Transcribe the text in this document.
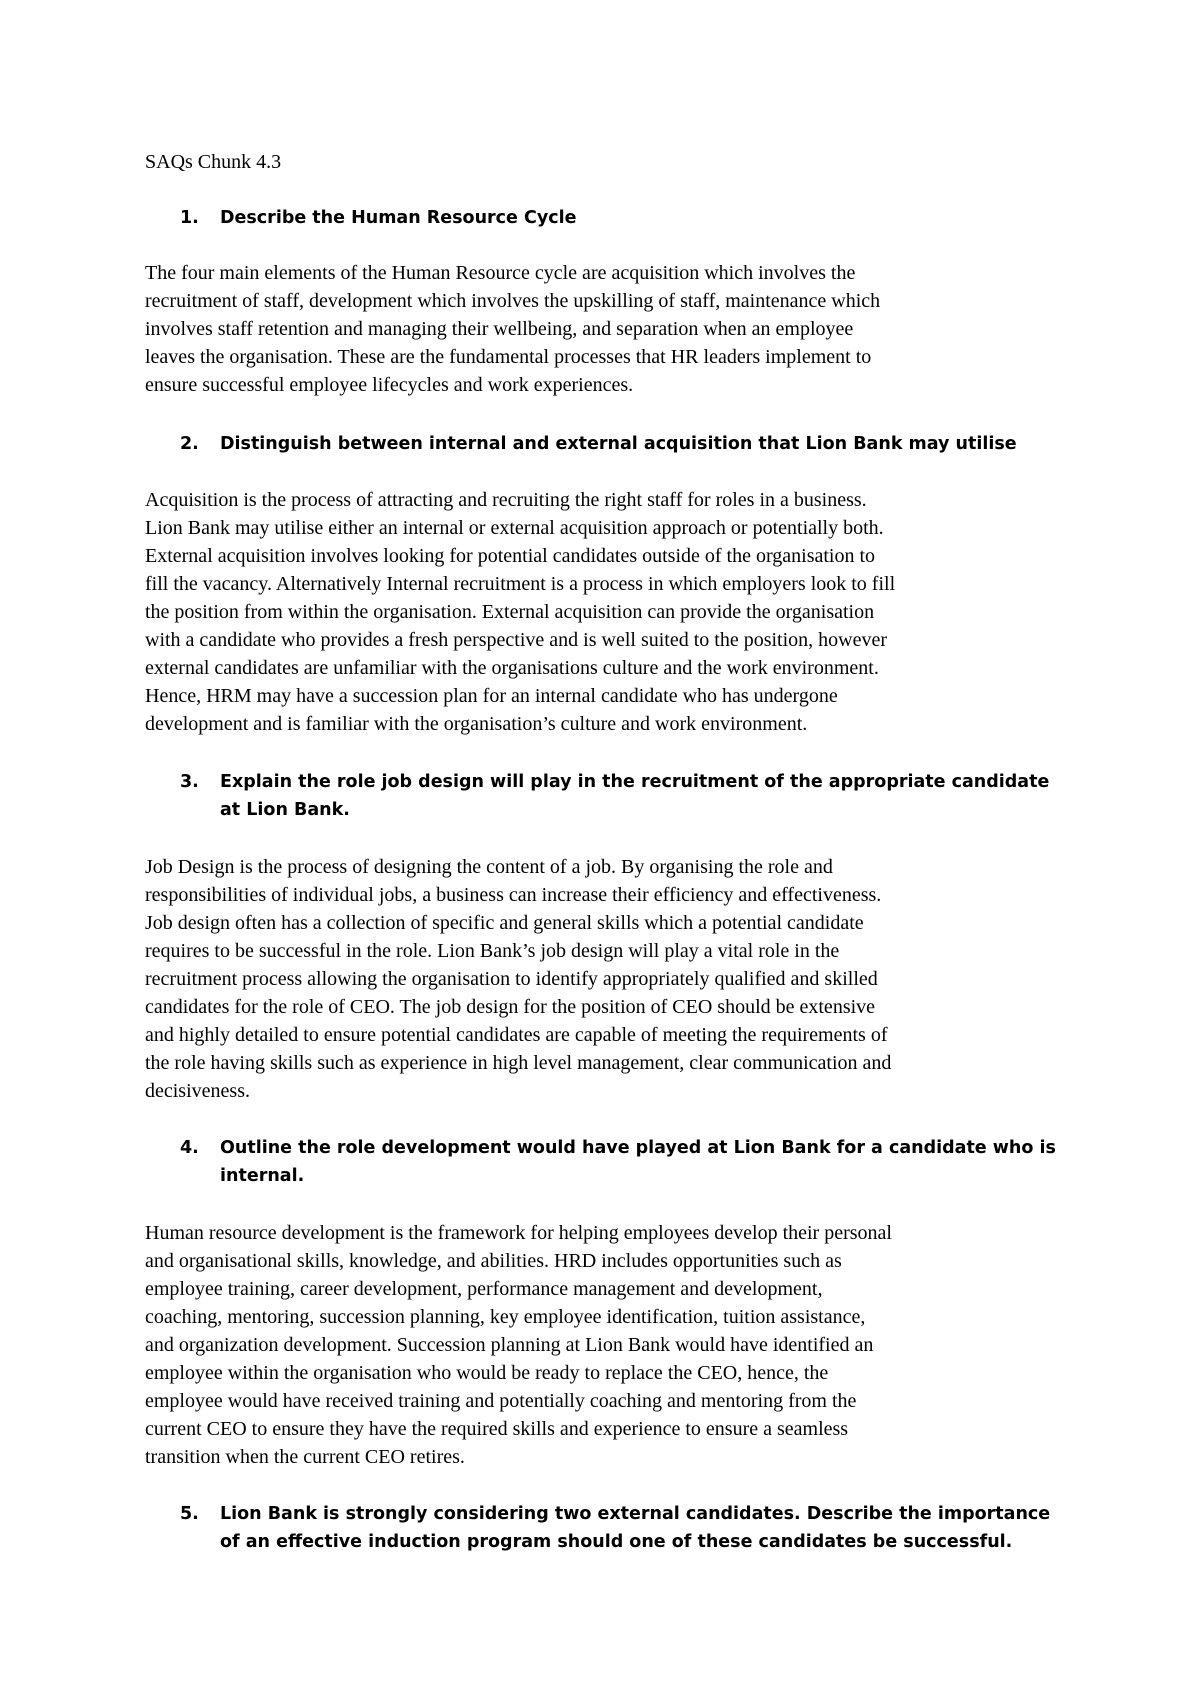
SAQs Chunk 4.3
1.	Describe the Human Resource Cycle
The four main elements of the Human Resource cycle are acquisition which involves the
recruitment of staff, development which involves the upskilling of staff, maintenance which
involves staff retention and managing their wellbeing, and separation when an employee
leaves the organisation. These are the fundamental processes that HR leaders implement to
ensure successful employee lifecycles and work experiences.
2.	Distinguish between internal and external acquisition that Lion Bank may utilise
Acquisition is the process of attracting and recruiting the right staff for roles in a business.
Lion Bank may utilise either an internal or external acquisition approach or potentially both.
External acquisition involves looking for potential candidates outside of the organisation to
fill the vacancy. Alternatively Internal recruitment is a process in which employers look to fill
the position from within the organisation. External acquisition can provide the organisation
with a candidate who provides a fresh perspective and is well suited to the position, however
external candidates are unfamiliar with the organisations culture and the work environment.
Hence, HRM may have a succession plan for an internal candidate who has undergone
development and is familiar with the organisation’s culture and work environment.
3.	Explain the role job design will play in the recruitment of the appropriate candidate
at Lion Bank.
Job Design is the process of designing the content of a job. By organising the role and
responsibilities of individual jobs, a business can increase their efficiency and effectiveness.
Job design often has a collection of specific and general skills which a potential candidate
requires to be successful in the role. Lion Bank’s job design will play a vital role in the
recruitment process allowing the organisation to identify appropriately qualified and skilled
candidates for the role of CEO. The job design for the position of CEO should be extensive
and highly detailed to ensure potential candidates are capable of meeting the requirements of
the role having skills such as experience in high level management, clear communication and
decisiveness.
4.	Outline the role development would have played at Lion Bank for a candidate who is
internal.
Human resource development is the framework for helping employees develop their personal
and organisational skills, knowledge, and abilities. HRD includes opportunities such as
employee training, career development, performance management and development,
coaching, mentoring, succession planning, key employee identification, tuition assistance,
and organization development. Succession planning at Lion Bank would have identified an
employee within the organisation who would be ready to replace the CEO, hence, the
employee would have received training and potentially coaching and mentoring from the
current CEO to ensure they have the required skills and experience to ensure a seamless
transition when the current CEO retires.
5.	Lion Bank is strongly considering two external candidates. Describe the importance
of an effective induction program should one of these candidates be successful.
